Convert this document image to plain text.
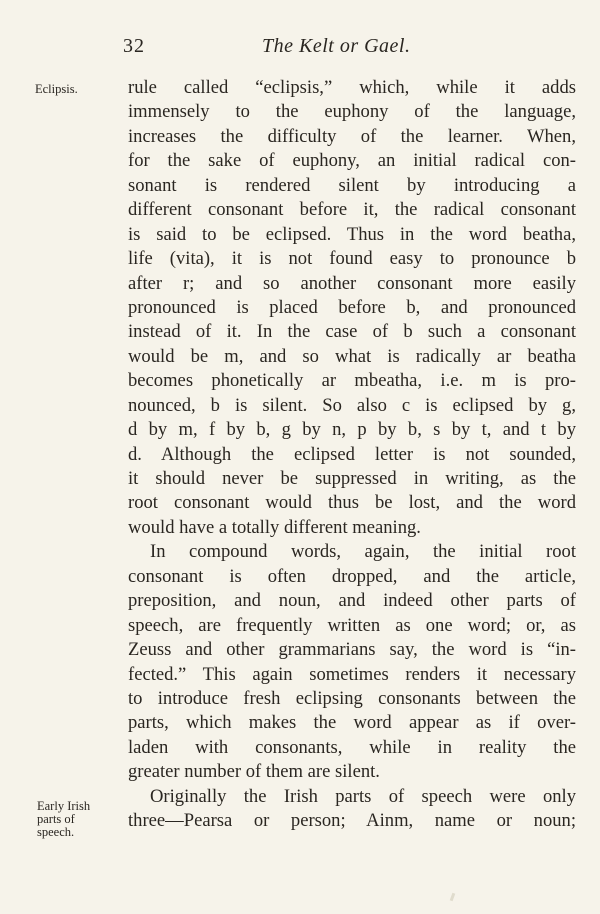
32	The Kelt or Gael.
Eclipsis.
Early Irish
parts of
speech.
rule called “eclipsis,” which, while it adds
immensely to the euphony of the language,
increases the difficulty of the learner. When,
for the sake of euphony, an initial radical con-
sonant is rendered silent by introducing a
different consonant before it, the radical consonant
is said to be eclipsed. Thus in the word beatha,
life (vita), it is not found easy to pronounce b
after r; and so another consonant more easily
pronounced is placed before b, and pronounced
instead of it. In the case of b such a consonant
would be m, and so what is radically ar beatha
becomes phonetically ar mbeatha, i.e. m is pro-
nounced, b is silent. So also c is eclipsed by g,
d by m, f by b, g by n, p by b, s by t, and t by
d. Although the eclipsed letter is not sounded,
it should never be suppressed in writing, as the
root consonant would thus be lost, and the word
would have a totally different meaning.
In compound words, again, the initial root
consonant is often dropped, and the article,
preposition, and noun, and indeed other parts of
speech, are frequently written as one word; or, as
Zeuss and other grammarians say, the word is “in-
fected.” This again sometimes renders it necessary
to introduce fresh eclipsing consonants between the
parts, which makes the word appear as if over-
laden with consonants, while in reality the
greater number of them are silent.
Originally the Irish parts of speech were only
three—Pearsa or person; Ainm, name or noun;
